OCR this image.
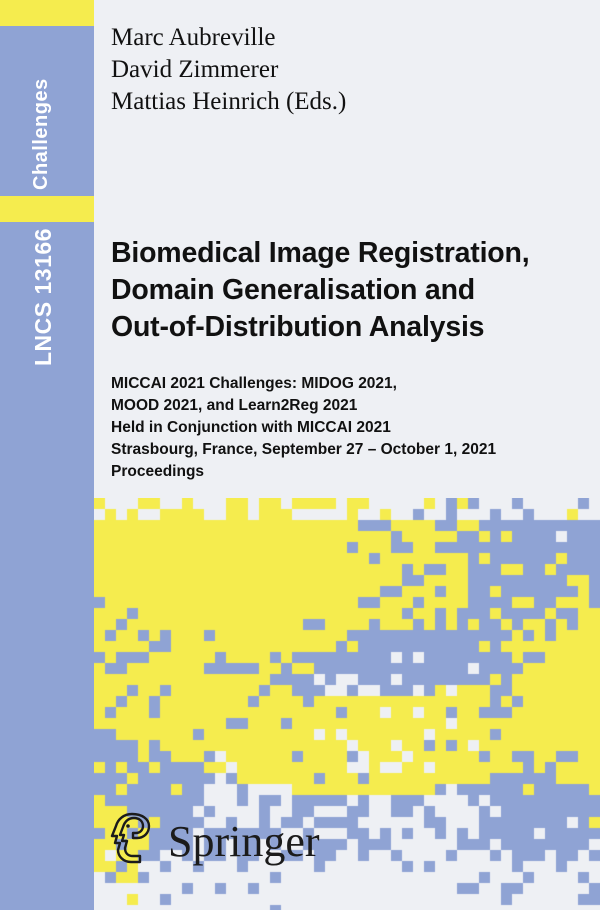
Challenges
LNCS 13166
Marc Aubreville
David Zimmerer
Mattias Heinrich (Eds.)
Biomedical Image Registration,
Domain Generalisation and
Out-of-Distribution Analysis
MICCAI 2021 Challenges: MIDOG 2021,
MOOD 2021, and Learn2Reg 2021
Held in Conjunction with MICCAI 2021
Strasbourg, France, September 27 – October 1, 2021
Proceedings
Springer
